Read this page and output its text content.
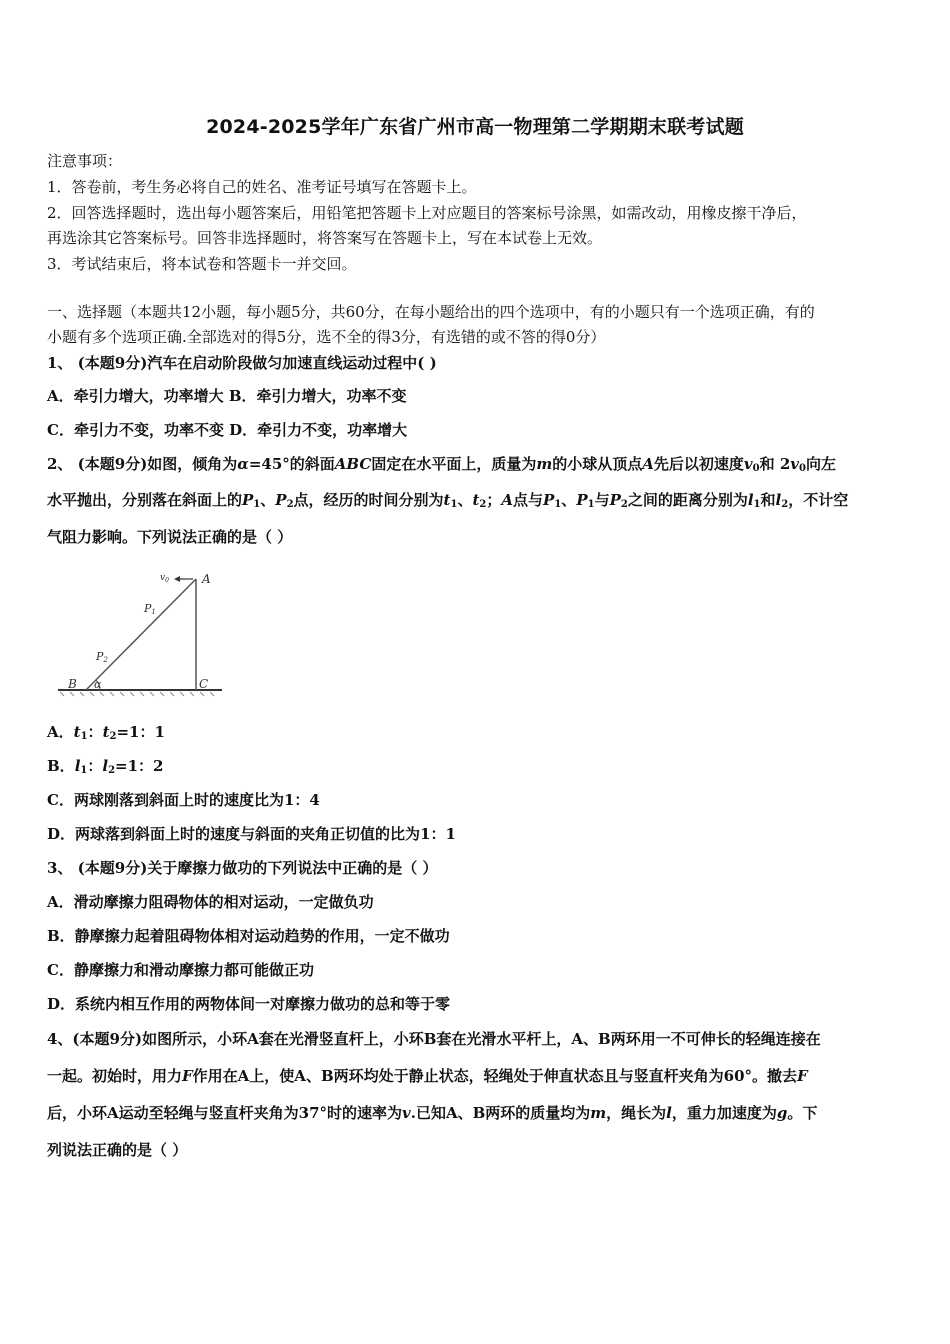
2024-2025学年广东省广州市高一物理第二学期期末联考试题
注意事项：
1．答卷前，考生务必将自己的姓名、准考证号填写在答题卡上。
2．回答选择题时，选出每小题答案后，用铅笔把答题卡上对应题目的答案标号涂黑，如需改动，用橡皮擦干净后，
再选涂其它答案标号。回答非选择题时，将答案写在答题卡上，写在本试卷上无效。
3．考试结束后，将本试卷和答题卡一并交回。
一、选择题（本题共12小题，每小题5分，共60分，在每小题给出的四个选项中，有的小题只有一个选项正确，有的
小题有多个选项正确.全部选对的得5分，选不全的得3分，有选错的或不答的得0分）
1、 (本题9分)汽车在启动阶段做匀加速直线运动过程中( )
A．牵引力增大，功率增大 B．牵引力增大，功率不变
C．牵引力不变，功率不变 D．牵引力不变，功率增大
2、 (本题9分)如图，倾角为α=45°的斜面ABC固定在水平面上，质量为m的小球从顶点A先后以初速度$v_0$和 $2v_0$向左
水平抛出，分别落在斜面上的$P_1$、$P_2$点，经历的时间分别为$t_1$、$t_2$；A点与$P_1$、$P_1$与$P_2$之间的距离分别为$l_1$和$l_2$，不计空
气阻力影响。下列说法正确的是（ ）
$v_0$	A
P1
P2
B α	C
A．$t_1$：$t_2=1$：1
B．$l_1$：$l_2=1$：2
C．两球刚落到斜面上时的速度比为1：4
D．两球落到斜面上时的速度与斜面的夹角正切值的比为1：1
3、 (本题9分)关于摩擦力做功的下列说法中正确的是（ ）
A．滑动摩擦力阻碍物体的相对运动，一定做负功
B．静摩擦力起着阻碍物体相对运动趋势的作用，一定不做功
C．静摩擦力和滑动摩擦力都可能做正功
D．系统内相互作用的两物体间一对摩擦力做功的总和等于零
4、(本题9分)如图所示，小环A套在光滑竖直杆上，小环B套在光滑水平杆上，A、B两环用一不可伸长的轻绳连接在
一起。初始时，用力F作用在A上，使A、B两环均处于静止状态，轻绳处于伸直状态且与竖直杆夹角为60°。撤去F
后，小环A运动至轻绳与竖直杆夹角为37°时的速率为v.已知A、B两环的质量均为m，绳长为l，重力加速度为g。下
列说法正确的是（ ）
